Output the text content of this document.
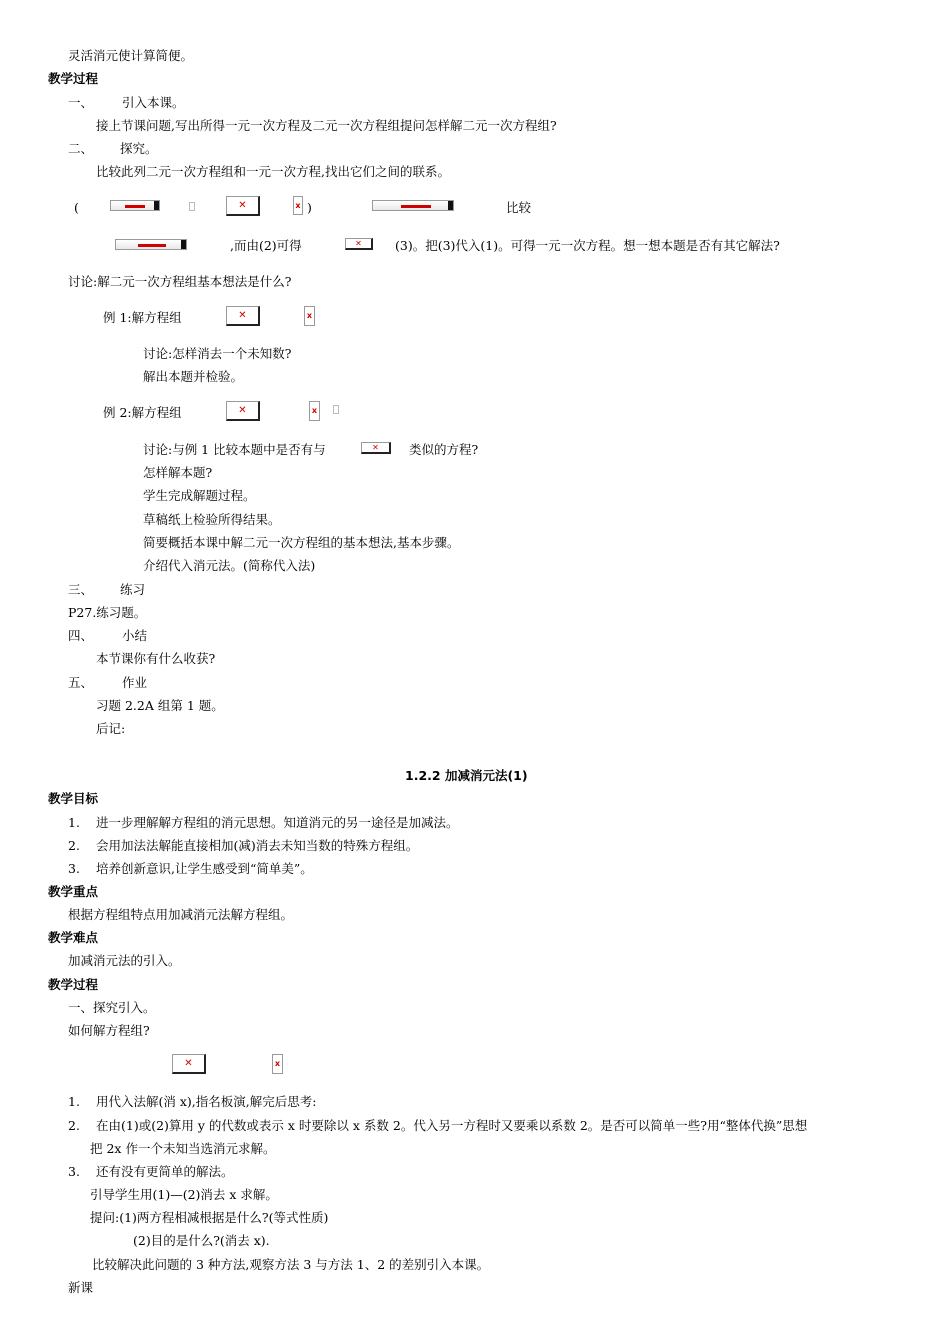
灵活消元使计算简便。
教学过程
一、 引入本课。
接上节课问题,写出所得一元一次方程及二元一次方程组提问怎样解二元一次方程组?
二、 探究。
比较此列二元一次方程组和一元一次方程,找出它们之间的联系。
(	✕	x )	比较
,而由(2)可得	✕	(3)。把(3)代入(1)。可得一元一次方程。想一想本题是否有其它解法?
讨论:解二元一次方程组基本想法是什么?
例 1:解方程组	✕	x
讨论:怎样消去一个未知数?
解出本题并检验。
例 2:解方程组	✕	x
讨论:与例 1 比较本题中是否有与	✕	类似的方程?
怎样解本题?
学生完成解题过程。
草稿纸上检验所得结果。
简要概括本课中解二元一次方程组的基本想法,基本步骤。
介绍代入消元法。(简称代入法)
三、 练习
P27.练习题。
四、 小结
本节课你有什么收获?
五、 作业
习题 2.2A 组第 1 题。
后记:
1.2.2 加减消元法(1)
教学目标
1. 进一步理解解方程组的消元思想。知道消元的另一途径是加减法。
2. 会用加法法解能直接相加(减)消去未知当数的特殊方程组。
3. 培养创新意识,让学生感受到“简单美”。
教学重点
根据方程组特点用加减消元法解方程组。
教学难点
加减消元法的引入。
教学过程
一、探究引入。
如何解方程组?
✕	x
1. 用代入法解(消 x),指名板演,解完后思考:
2. 在由(1)或(2)算用 y 的代数或表示 x 时要除以 x 系数 2。代入另一方程时又要乘以系数 2。是否可以简单一些?用“整体代换”思想
把 2x 作一个未知当选消元求解。
3. 还有没有更简单的解法。
引导学生用(1)—(2)消去 x 求解。
提问:(1)两方程相减根据是什么?(等式性质)
(2)目的是什么?(消去 x).
比较解决此问题的 3 种方法,观察方法 3 与方法 1、2 的差别引入本课。
新课
